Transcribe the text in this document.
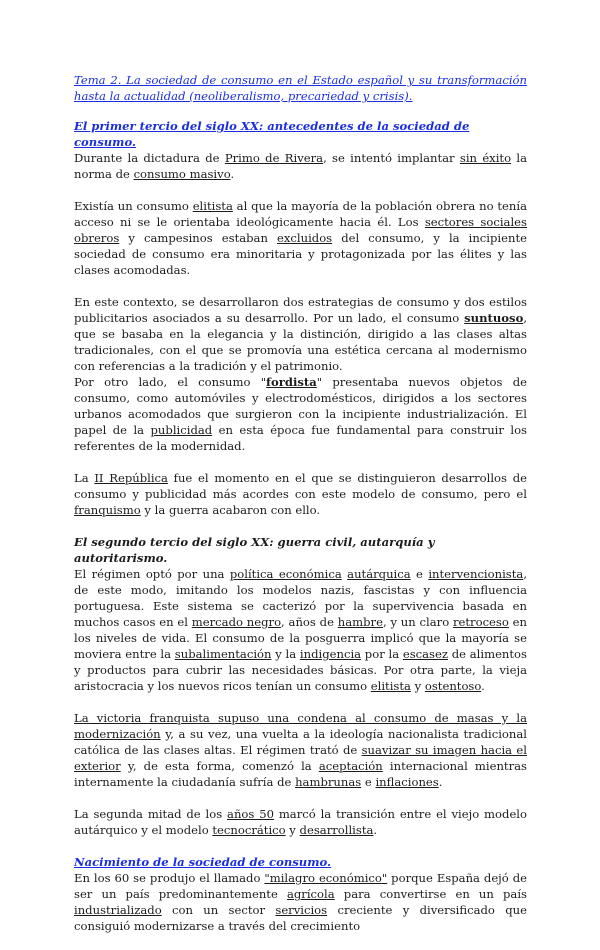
Tema 2. La sociedad de consumo en el Estado español y su transformación hasta la actualidad (neoliberalismo, precariedad y crisis).
El primer tercio del siglo XX: antecedentes de la sociedad de consumo.

Durante la dictadura de Primo de Rivera, se intentó implantar sin éxito la norma de consumo masivo.

Existía un consumo elitista al que la mayoría de la población obrera no tenía acceso ni se le orientaba ideológicamente hacia él. Los sectores sociales obreros y campesinos estaban excluidos del consumo, y la incipiente sociedad de consumo era minoritaria y protagonizada por las élites y las clases acomodadas.

En este contexto, se desarrollaron dos estrategias de consumo y dos estilos publicitarios asociados a su desarrollo. Por un lado, el consumo suntuoso, que se basaba en la elegancia y la distinción, dirigido a las clases altas tradicionales, con el que se promovía una estética cercana al modernismo con referencias a la tradición y el patrimonio.

Por otro lado, el consumo "fordista" presentaba nuevos objetos de consumo, como automóviles y electrodomésticos, dirigidos a los sectores urbanos acomodados que surgieron con la incipiente industrialización. El papel de la publicidad en esta época fue fundamental para construir los referentes de la modernidad.

La II República fue el momento en el que se distinguieron desarrollos de consumo y publicidad más acordes con este modelo de consumo, pero el franquismo y la guerra acabaron con ello.

El segundo tercio del siglo XX: guerra civil, autarquía y autoritarismo.

El régimen optó por una política económica autárquica e intervencionista, de este modo, imitando los modelos nazis, fascistas y con influencia portuguesa. Este sistema se cacterizó por la supervivencia basada en muchos casos en el mercado negro, años de hambre, y un claro retroceso en los niveles de vida. El consumo de la posguerra implicó que la mayoría se moviera entre la subalimentación y la indigencia por la escasez de alimentos y productos para cubrir las necesidades básicas. Por otra parte, la vieja aristocracia y los nuevos ricos tenían un consumo elitista y ostentoso.

La victoria franquista supuso una condena al consumo de masas y la modernización y, a su vez, una vuelta a la ideología nacionalista tradicional católica de las clases altas. El régimen trató de suavizar su imagen hacia el exterior y, de esta forma, comenzó la aceptación internacional mientras internamente la ciudadanía sufría de hambrunas e inflaciones.

La segunda mitad de los años 50 marcó la transición entre el viejo modelo autárquico y el modelo tecnocrático y desarrollista.

Nacimiento de la sociedad de consumo.

En los 60 se produjo el llamado "milagro económico" porque España dejó de ser un país predominantemente agrícola para convertirse en un país industrializado con un sector servicios creciente y diversificado que consiguió modernizarse a través del crecimiento
